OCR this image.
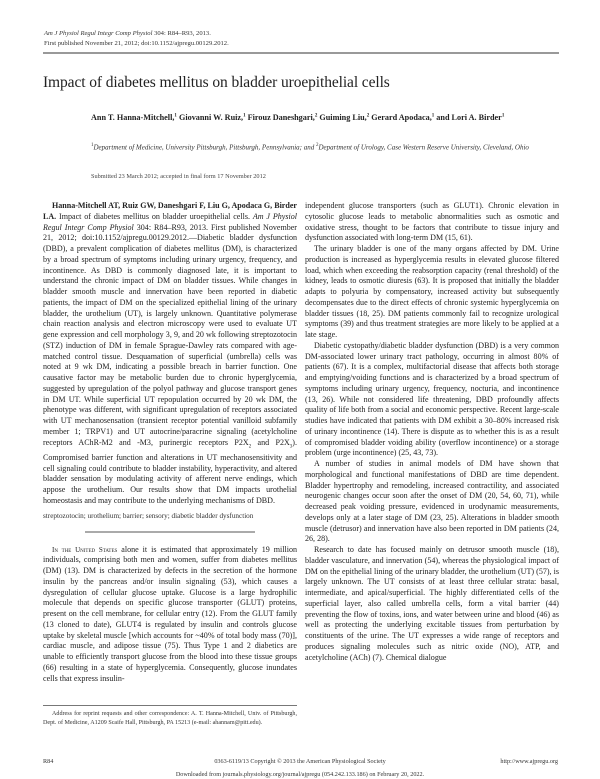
Am J Physiol Regul Integr Comp Physiol 304: R84–R93, 2013.
First published November 21, 2012; doi:10.1152/ajpregu.00129.2012.
Impact of diabetes mellitus on bladder uroepithelial cells
Ann T. Hanna-Mitchell,$^1$ Giovanni W. Ruiz,$^1$ Firouz Daneshgari,$^2$ Guiming Liu,$^2$ Gerard Apodaca,$^1$ and Lori A. Birder$^1$
$^1$Department of Medicine, University Pittsburgh, Pittsburgh, Pennsylvania; and $^2$Department of Urology, Case Western Reserve University, Cleveland, Ohio
Submitted 23 March 2012; accepted in final form 17 November 2012

Hanna-Mitchell AT, Ruiz GW, Daneshgari F, Liu G, Apodaca G, Birder LA. Impact of diabetes mellitus on bladder uroepithelial cells. Am J Physiol Regul Integr Comp Physiol 304: R84–R93, 2013. First published November 21, 2012; doi:10.1152/ajpregu.00129.2012.—Diabetic bladder dysfunction (DBD), a prevalent complication of diabetes mellitus (DM), is characterized by a broad spectrum of symptoms including urinary urgency, frequency, and incontinence. As DBD is commonly diagnosed late, it is important to understand the chronic impact of DM on bladder tissues. While changes in bladder smooth muscle and innervation have been reported in diabetic patients, the impact of DM on the specialized epithelial lining of the urinary bladder, the urothelium (UT), is largely unknown. Quantitative polymerase chain reaction analysis and electron microscopy were used to evaluate UT gene expression and cell morphology 3, 9, and 20 wk following streptozotocin (STZ) induction of DM in female Sprague-Dawley rats compared with age-matched control tissue. Desquamation of superficial (umbrella) cells was noted at 9 wk DM, indicating a possible breach in barrier function. One causative factor may be metabolic burden due to chronic hyperglycemia, suggested by upregulation of the polyol pathway and glucose transport genes in DM UT. While superficial UT repopulation occurred by 20 wk DM, the phenotype was different, with significant upregulation of receptors associated with UT mechanosensation (transient receptor potential vanilloid subfamily member 1; TRPV1) and UT autocrine/paracrine signaling (acetylcholine receptors AChR-M2 and -M3, purinergic receptors $P2X_2$ and $P2X_3$). Compromised barrier function and alterations in UT mechanosensitivity and cell signaling could contribute to bladder instability, hyperactivity, and altered bladder sensation by modulating activity of afferent nerve endings, which appose the urothelium. Our results show that DM impacts urothelial homeostasis and may contribute to the underlying mechanisms of DBD.

streptozotocin; urothelium; barrier; sensory; diabetic bladder dysfunction

In the United States alone it is estimated that approximately 19 million individuals, comprising both men and women, suffer from diabetes mellitus (DM) (13). DM is characterized by defects in the secretion of the hormone insulin by the pancreas and/or insulin signaling (53), which causes a dysregulation of cellular glucose uptake. Glucose is a large hydrophilic molecule that depends on specific glucose transporter (GLUT) proteins, present on the cell membrane, for cellular entry (12). From the GLUT family (13 cloned to date), GLUT4 is regulated by insulin and controls glucose uptake by skeletal muscle [which accounts for ~40% of total body mass (70)], cardiac muscle, and adipose tissue (75). Thus Type 1 and 2 diabetics are unable to efficiently transport glucose from the blood into these tissue groups (66) resulting in a state of hyperglycemia. Consequently, glucose inundates cells that express insulin-

independent glucose transporters (such as GLUT1). Chronic elevation in cytosolic glucose leads to metabolic abnormalities such as osmotic and oxidative stress, thought to be factors that contribute to tissue injury and dysfunction associated with long-term DM (15, 61).

The urinary bladder is one of the many organs affected by DM. Urine production is increased as hyperglycemia results in elevated glucose filtered load, which when exceeding the reabsorption capacity (renal threshold) of the kidney, leads to osmotic diuresis (63). It is proposed that initially the bladder adapts to polyuria by compensatory, increased activity but subsequently decompensates due to the direct effects of chronic systemic hyperglycemia on bladder tissues (18, 25). DM patients commonly fail to recognize urological symptoms (39) and thus treatment strategies are more likely to be applied at a late stage.

Diabetic cystopathy/diabetic bladder dysfunction (DBD) is a very common DM-associated lower urinary tract pathology, occurring in almost 80% of patients (67). It is a complex, multifactorial disease that affects both storage and emptying/voiding functions and is characterized by a broad spectrum of symptoms including urinary urgency, frequency, nocturia, and incontinence (13, 26). While not considered life threatening, DBD profoundly affects quality of life both from a social and economic perspective. Recent large-scale studies have indicated that patients with DM exhibit a 30–80% increased risk of urinary incontinence (14). There is dispute as to whether this is as a result of compromised bladder voiding ability (overflow incontinence) or a storage problem (urge incontinence) (25, 43, 73).

A number of studies in animal models of DM have shown that morphological and functional manifestations of DBD are time dependent. Bladder hypertrophy and remodeling, increased contractility, and associated neurogenic changes occur soon after the onset of DM (20, 54, 60, 71), while decreased peak voiding pressure, evidenced in urodynamic measurements, develops only at a later stage of DM (23, 25). Alterations in bladder smooth muscle (detrusor) and innervation have also been reported in DM patients (24, 26, 28).

Research to date has focused mainly on detrusor smooth muscle (18), bladder vasculature, and innervation (54), whereas the physiological impact of DM on the epithelial lining of the urinary bladder, the urothelium (UT) (57), is largely unknown. The UT consists of at least three cellular strata: basal, intermediate, and apical/superficial. The highly differentiated cells of the superficial layer, also called umbrella cells, form a vital barrier (44) preventing the flow of toxins, ions, and water between urine and blood (46) as well as protecting the underlying excitable tissues from perturbation by constituents of the urine. The UT expresses a wide range of receptors and produces signaling molecules such as nitric oxide (NO), ATP, and acetylcholine (ACh) (7). Chemical dialogue

Address for reprint requests and other correspondence: A. T. Hanna-Mitchell, Univ. of Pittsburgh, Dept. of Medicine, A1209 Scaife Hall, Pittsburgh, PA 15213 (e-mail: ahannam@pitt.edu).
R84	0363-6119/13 Copyright © 2013 the American Physiological Society	http://www.ajpregu.org
Downloaded from journals.physiology.org/journal/ajpregu (054.242.133.186) on February 20, 2022.
